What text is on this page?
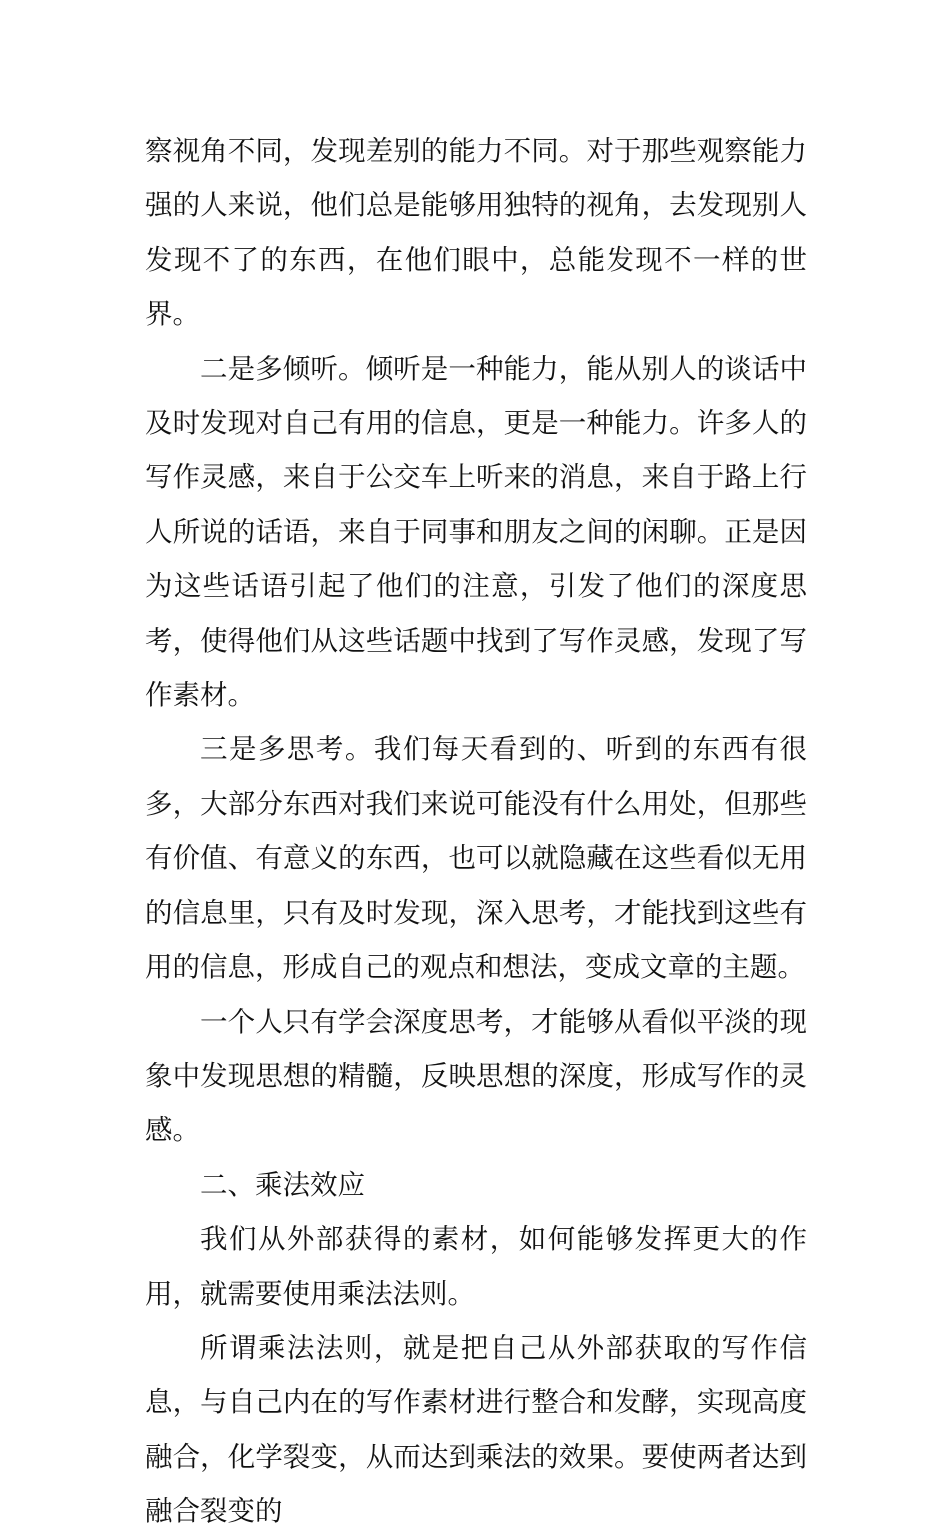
察视角不同，发现差别的能力不同。对于那些观察能力强的人来说，他们总是能够用独特的视角，去发现别人发现不了的东西，在他们眼中，总能发现不一样的世界。

二是多倾听。倾听是一种能力，能从别人的谈话中及时发现对自己有用的信息，更是一种能力。许多人的写作灵感，来自于公交车上听来的消息，来自于路上行人所说的话语，来自于同事和朋友之间的闲聊。正是因为这些话语引起了他们的注意，引发了他们的深度思考，使得他们从这些话题中找到了写作灵感，发现了写作素材。

三是多思考。我们每天看到的、听到的东西有很多，大部分东西对我们来说可能没有什么用处，但那些有价值、有意义的东西，也可以就隐藏在这些看似无用的信息里，只有及时发现，深入思考，才能找到这些有用的信息，形成自己的观点和想法，变成文章的主题。

一个人只有学会深度思考，才能够从看似平淡的现象中发现思想的精髓，反映思想的深度，形成写作的灵感。

二、乘法效应

我们从外部获得的素材，如何能够发挥更大的作用，就需要使用乘法法则。

所谓乘法法则，就是把自己从外部获取的写作信息，与自己内在的写作素材进行整合和发酵，实现高度融合，化学裂变，从而达到乘法的效果。要使两者达到融合裂变的
